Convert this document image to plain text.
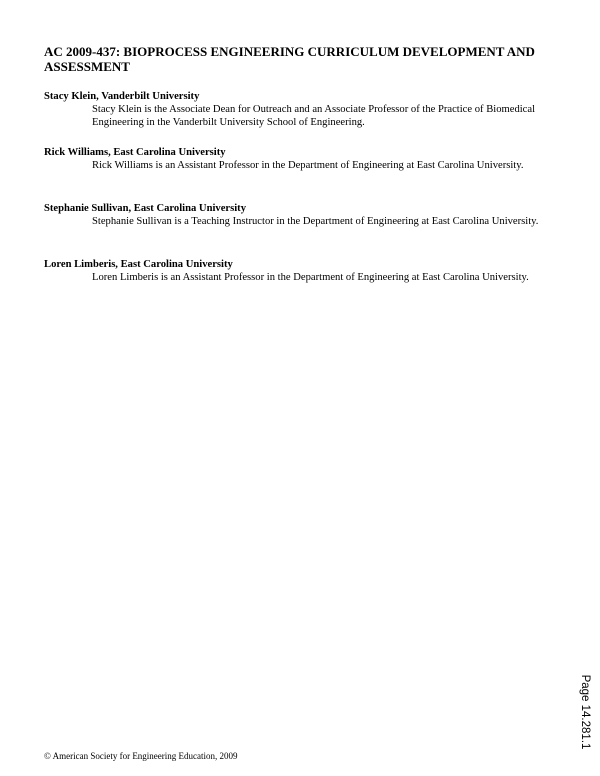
AC 2009-437: BIOPROCESS ENGINEERING CURRICULUM DEVELOPMENT AND ASSESSMENT

Stacy Klein, Vanderbilt University

Stacy Klein is the Associate Dean for Outreach and an Associate Professor of the Practice of Biomedical Engineering in the Vanderbilt University School of Engineering.

Rick Williams, East Carolina University

Rick Williams is an Assistant Professor in the Department of Engineering at East Carolina University.

Stephanie Sullivan, East Carolina University

Stephanie Sullivan is a Teaching Instructor in the Department of Engineering at East Carolina University.

Loren Limberis, East Carolina University

Loren Limberis is an Assistant Professor in the Department of Engineering at East Carolina University.

Page 14.281.1

© American Society for Engineering Education, 2009
